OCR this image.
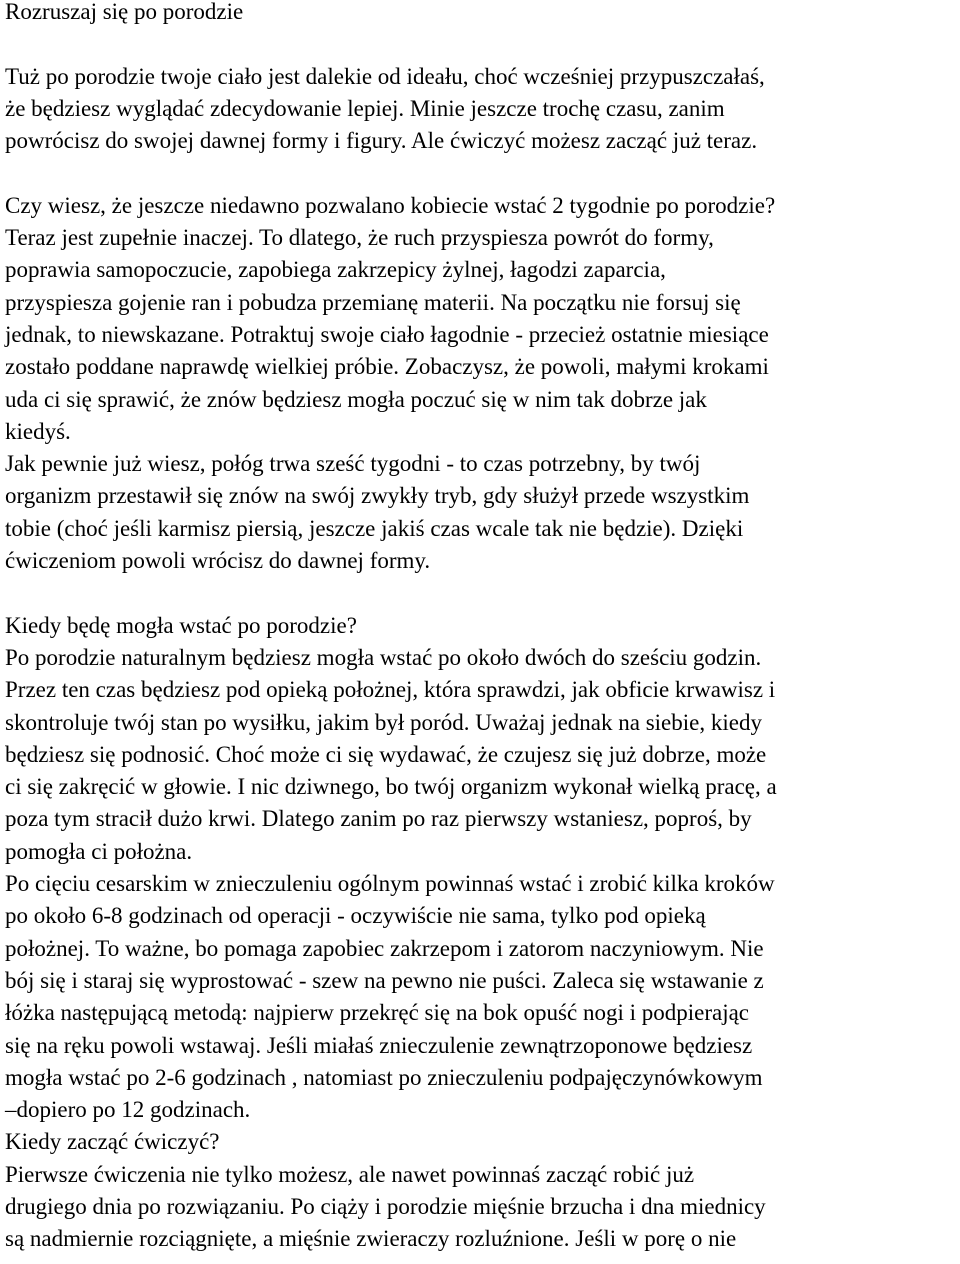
Rozruszaj się po porodzie

Tuż po porodzie twoje ciało jest dalekie od ideału, choć wcześniej przypuszczałaś,
że będziesz wyglądać zdecydowanie lepiej. Minie jeszcze trochę czasu, zanim
powrócisz do swojej dawnej formy i figury. Ale ćwiczyć możesz zacząć już teraz.

Czy wiesz, że jeszcze niedawno pozwalano kobiecie wstać 2 tygodnie po porodzie?
Teraz jest zupełnie inaczej. To dlatego, że ruch przyspiesza powrót do formy,
poprawia samopoczucie, zapobiega zakrzepicy żylnej, łagodzi zaparcia,
przyspiesza gojenie ran i pobudza przemianę materii. Na początku nie forsuj się
jednak, to niewskazane. Potraktuj swoje ciało łagodnie - przecież ostatnie miesiące
zostało poddane naprawdę wielkiej próbie. Zobaczysz, że powoli, małymi krokami
uda ci się sprawić, że znów będziesz mogła poczuć się w nim tak dobrze jak
kiedyś.

Jak pewnie już wiesz, połóg trwa sześć tygodni - to czas potrzebny, by twój
organizm przestawił się znów na swój zwykły tryb, gdy służył przede wszystkim
tobie (choć jeśli karmisz piersią, jeszcze jakiś czas wcale tak nie będzie). Dzięki
ćwiczeniom powoli wrócisz do dawnej formy.

Kiedy będę mogła wstać po porodzie?

Po porodzie naturalnym będziesz mogła wstać po około dwóch do sześciu godzin.
Przez ten czas będziesz pod opieką położnej, która sprawdzi, jak obficie krwawisz i
skontroluje twój stan po wysiłku, jakim był poród. Uważaj jednak na siebie, kiedy
będziesz się podnosić. Choć może ci się wydawać, że czujesz się już dobrze, może
ci się zakręcić w głowie. I nic dziwnego, bo twój organizm wykonał wielką pracę, a
poza tym stracił dużo krwi. Dlatego zanim po raz pierwszy wstaniesz, poproś, by
pomogła ci położna.

Po cięciu cesarskim w znieczuleniu ogólnym powinnaś wstać i zrobić kilka kroków
po około 6-8 godzinach od operacji - oczywiście nie sama, tylko pod opieką
położnej. To ważne, bo pomaga zapobiec zakrzepom i zatorom naczyniowym. Nie
bój się i staraj się wyprostować - szew na pewno nie puści. Zaleca się wstawanie z
łóżka następującą metodą: najpierw przekręć się na bok opuść nogi i podpierając
się na ręku powoli wstawaj. Jeśli miałaś znieczulenie zewnątrzoponowe będziesz
mogła wstać po 2-6 godzinach , natomiast po znieczuleniu podpajęczynówkowym
–dopiero po 12 godzinach.

Kiedy zacząć ćwiczyć?

Pierwsze ćwiczenia nie tylko możesz, ale nawet powinnaś zacząć robić już
drugiego dnia po rozwiązaniu. Po ciąży i porodzie mięśnie brzucha i dna miednicy
są nadmiernie rozciągnięte, a mięśnie zwieraczy rozluźnione. Jeśli w porę o nie
